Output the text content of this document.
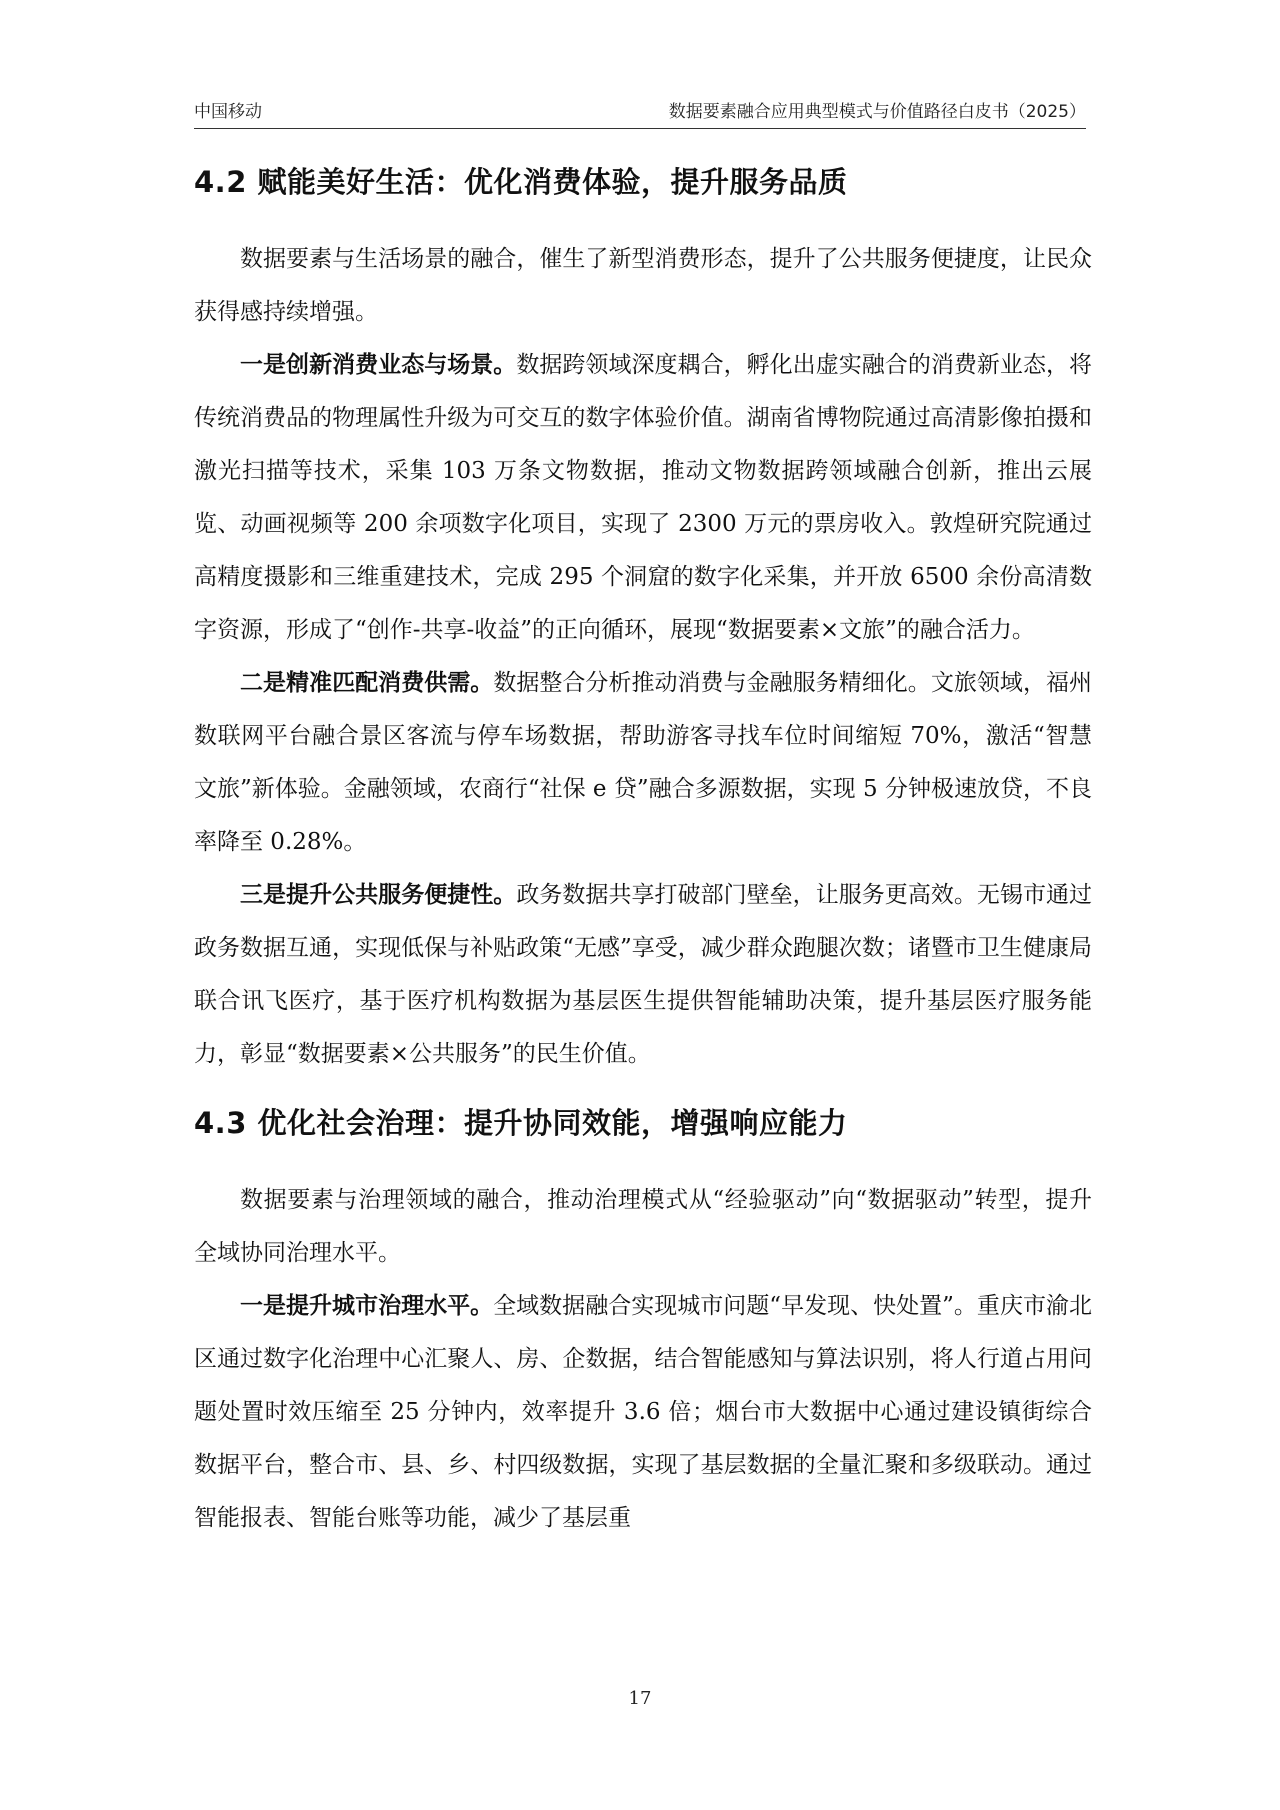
中国移动	数据要素融合应用典型模式与价值路径白皮书（2025）
4.2 赋能美好生活：优化消费体验，提升服务品质

数据要素与生活场景的融合，催生了新型消费形态，提升了公共服务便捷度，让民众获得感持续增强。

一是创新消费业态与场景。数据跨领域深度耦合，孵化出虚实融合的消费新业态，将传统消费品的物理属性升级为可交互的数字体验价值。湖南省博物院通过高清影像拍摄和激光扫描等技术，采集 103 万条文物数据，推动文物数据跨领域融合创新，推出云展览、动画视频等 200 余项数字化项目，实现了 2300 万元的票房收入。敦煌研究院通过高精度摄影和三维重建技术，完成 295 个洞窟的数字化采集，并开放 6500 余份高清数字资源，形成了“创作-共享-收益”的正向循环，展现“数据要素×文旅”的融合活力。

二是精准匹配消费供需。数据整合分析推动消费与金融服务精细化。文旅领域，福州数联网平台融合景区客流与停车场数据，帮助游客寻找车位时间缩短 70%，激活“智慧文旅”新体验。金融领域，农商行“社保 e 贷”融合多源数据，实现 5 分钟极速放贷，不良率降至 0.28%。

三是提升公共服务便捷性。政务数据共享打破部门壁垒，让服务更高效。无锡市通过政务数据互通，实现低保与补贴政策“无感”享受，减少群众跑腿次数；诸暨市卫生健康局联合讯飞医疗，基于医疗机构数据为基层医生提供智能辅助决策，提升基层医疗服务能力，彰显“数据要素×公共服务”的民生价值。

4.3 优化社会治理：提升协同效能，增强响应能力

数据要素与治理领域的融合，推动治理模式从“经验驱动”向“数据驱动”转型，提升全域协同治理水平。

一是提升城市治理水平。全域数据融合实现城市问题“早发现、快处置”。重庆市渝北区通过数字化治理中心汇聚人、房、企数据，结合智能感知与算法识别，将人行道占用问题处置时效压缩至 25 分钟内，效率提升 3.6 倍；烟台市大数据中心通过建设镇街综合数据平台，整合市、县、乡、村四级数据，实现了基层数据的全量汇聚和多级联动。通过智能报表、智能台账等功能，减少了基层重

17
